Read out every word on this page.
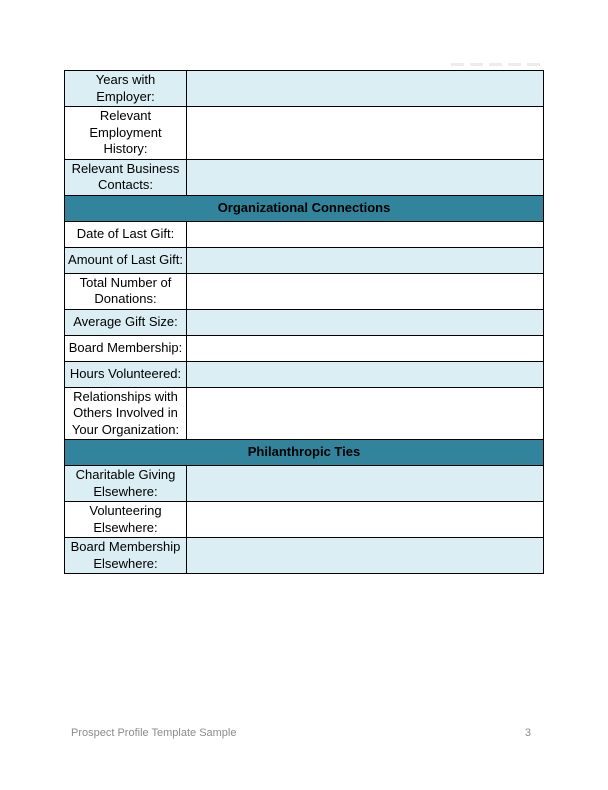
Years with Employer:	
Relevant Employment History:	
Relevant Business Contacts:	
Organizational Connections	
Date of Last Gift:	
Amount of Last Gift:	
Total Number of Donations:	
Average Gift Size:	
Board Membership:	
Hours Volunteered:	
Relationships with Others Involved in Your Organization:	
Philanthropic Ties	
Charitable Giving Elsewhere:	
Volunteering Elsewhere:	
Board Membership Elsewhere:	
Prospect Profile Template Sample	3
